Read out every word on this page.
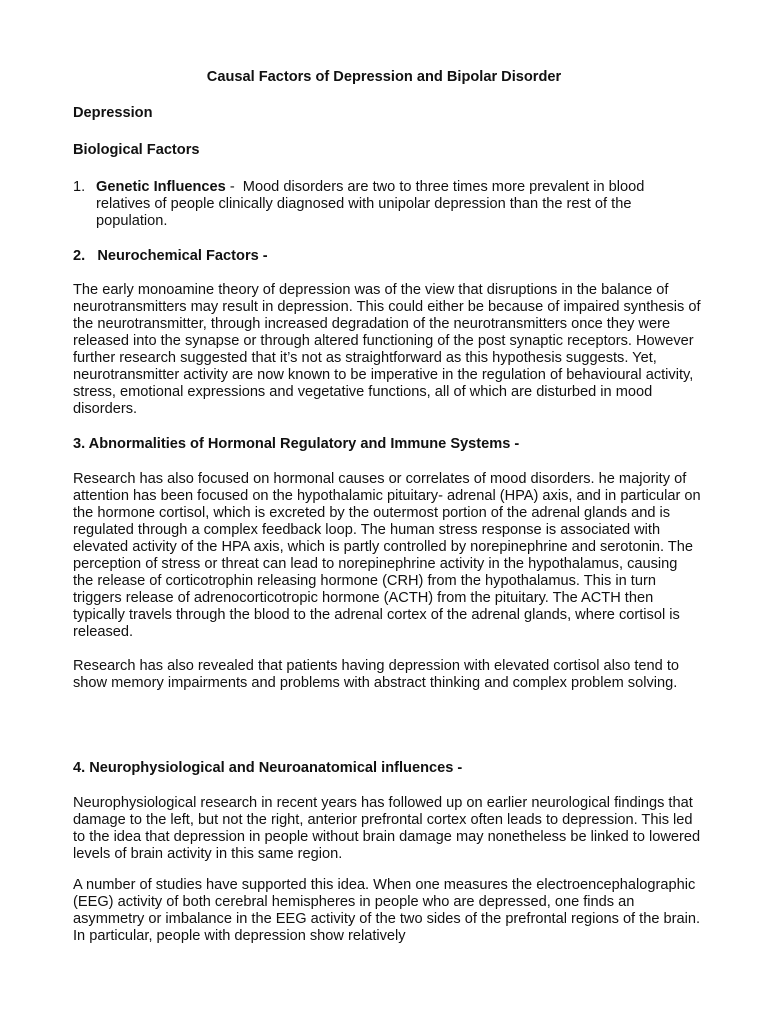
Causal Factors of Depression and Bipolar Disorder

Depression

Biological Factors

1. Genetic Influences -  Mood disorders are two to three times more prevalent in blood relatives of people clinically diagnosed with unipolar depression than the rest of the population.

2.   Neurochemical Factors -

The early monoamine theory of depression was of the view that disruptions in the balance of neurotransmitters may result in depression. This could either be because of impaired synthesis of the neurotransmitter, through increased degradation of the neurotransmitters once they were released into the synapse or through altered functioning of the post synaptic receptors. However further research suggested that it’s not as straightforward as this hypothesis suggests. Yet, neurotransmitter activity are now known to be imperative in the regulation of behavioural activity, stress, emotional expressions and vegetative functions, all of which are disturbed in mood disorders.

3. Abnormalities of Hormonal Regulatory and Immune Systems -

Research has also focused on hormonal causes or correlates of mood disorders. he majority of attention has been focused on the hypothalamic pituitary- adrenal (HPA) axis, and in particular on the hormone cortisol, which is excreted by the outermost portion of the adrenal glands and is regulated through a complex feedback loop. The human stress response is associated with elevated activity of the HPA axis, which is partly controlled by norepinephrine and serotonin. The perception of stress or threat can lead to norepinephrine activity in the hypothalamus, causing the release of corticotrophin releasing hormone (CRH) from the hypothalamus. This in turn triggers release of adrenocorticotropic hormone (ACTH) from the pituitary. The ACTH then typically travels through the blood to the adrenal cortex of the adrenal glands, where cortisol is released.

Research has also revealed that patients having depression with elevated cortisol also tend to show memory impairments and problems with abstract thinking and complex problem solving.

4. Neurophysiological and Neuroanatomical influences -

Neurophysiological research in recent years has followed up on earlier neurological findings that damage to the left, but not the right, anterior prefrontal cortex often leads to depression. This led to the idea that depression in people without brain damage may nonetheless be linked to lowered levels of brain activity in this same region.

A number of studies have supported this idea. When one measures the electroencephalographic (EEG) activity of both cerebral hemispheres in people who are depressed, one finds an asymmetry or imbalance in the EEG activity of the two sides of the prefrontal regions of the brain. In particular, people with depression show relatively
